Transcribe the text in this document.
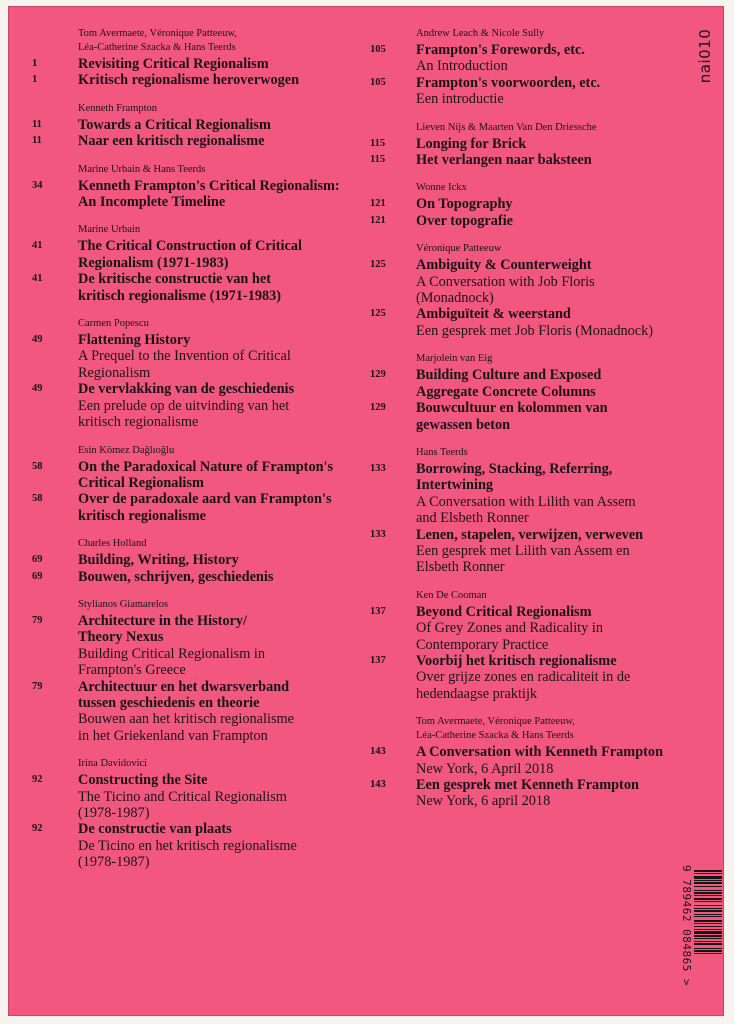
Tom Avermaete, Véronique Patteeuw,
Léa-Catherine Szacka & Hans Teerds
1	Revisiting Critical Regionalism
1	Kritisch regionalisme heroverwogen
Kenneth Frampton
11	Towards a Critical Regionalism
11	Naar een kritisch regionalisme
Marine Urbain & Hans Teerds
34	Kenneth Frampton's Critical Regionalism:
An Incomplete Timeline
Marine Urbain
41	The Critical Construction of Critical
Regionalism (1971-1983)
41	De kritische constructie van het
kritisch regionalisme (1971-1983)
Carmen Popescu
49	Flattening History
A Prequel to the Invention of Critical
Regionalism
49	De vervlakking van de geschiedenis
Een prelude op de uitvinding van het
kritisch regionalisme
Esin Kömez Dağlıoğlu
58	On the Paradoxical Nature of Frampton's
Critical Regionalism
58	Over de paradoxale aard van Frampton's
kritisch regionalisme
Charles Holland
69	Building, Writing, History
69	Bouwen, schrijven, geschiedenis
Stylianos Giamarelos
79	Architecture in the History/
Theory Nexus
Building Critical Regionalism in
Frampton's Greece
79	Architectuur en het dwarsverband
tussen geschiedenis en theorie
Bouwen aan het kritisch regionalisme
in het Griekenland van Frampton
Irina Davidovici
92	Constructing the Site
The Ticino and Critical Regionalism
(1978-1987)
92	De constructie van plaats
De Ticino en het kritisch regionalisme
(1978-1987)
Andrew Leach & Nicole Sully
105	Frampton's Forewords, etc.
An Introduction
105	Frampton's voorwoorden, etc.
Een introductie
Lieven Nijs & Maarten Van Den Driessche
115	Longing for Brick
115	Het verlangen naar baksteen
Wonne Ickx
121	On Topography
121	Over topografie
Véronique Patteeuw
125	Ambiguity & Counterweight
A Conversation with Job Floris
(Monadnock)
125	Ambiguïteit & weerstand
Een gesprek met Job Floris (Monadnock)
Marjolein van Eig
129	Building Culture and Exposed
Aggregate Concrete Columns
129	Bouwcultuur en kolommen van
gewassen beton
Hans Teerds
133	Borrowing, Stacking, Referring,
Intertwining
A Conversation with Lilith van Assem
and Elsbeth Ronner
133	Lenen, stapelen, verwijzen, verweven
Een gesprek met Lilith van Assem en
Elsbeth Ronner
Ken De Cooman
137	Beyond Critical Regionalism
Of Grey Zones and Radicality in
Contemporary Practice
137	Voorbij het kritisch regionalisme
Over grijze zones en radicaliteit in de
hedendaagse praktijk
Tom Avermaete, Véronique Patteeuw,
Léa-Catherine Szacka & Hans Teerds
143	A Conversation with Kenneth Frampton
New York, 6 April 2018
143	Een gesprek met Kenneth Frampton
New York, 6 april 2018
nai010
9 789462 084865 >
